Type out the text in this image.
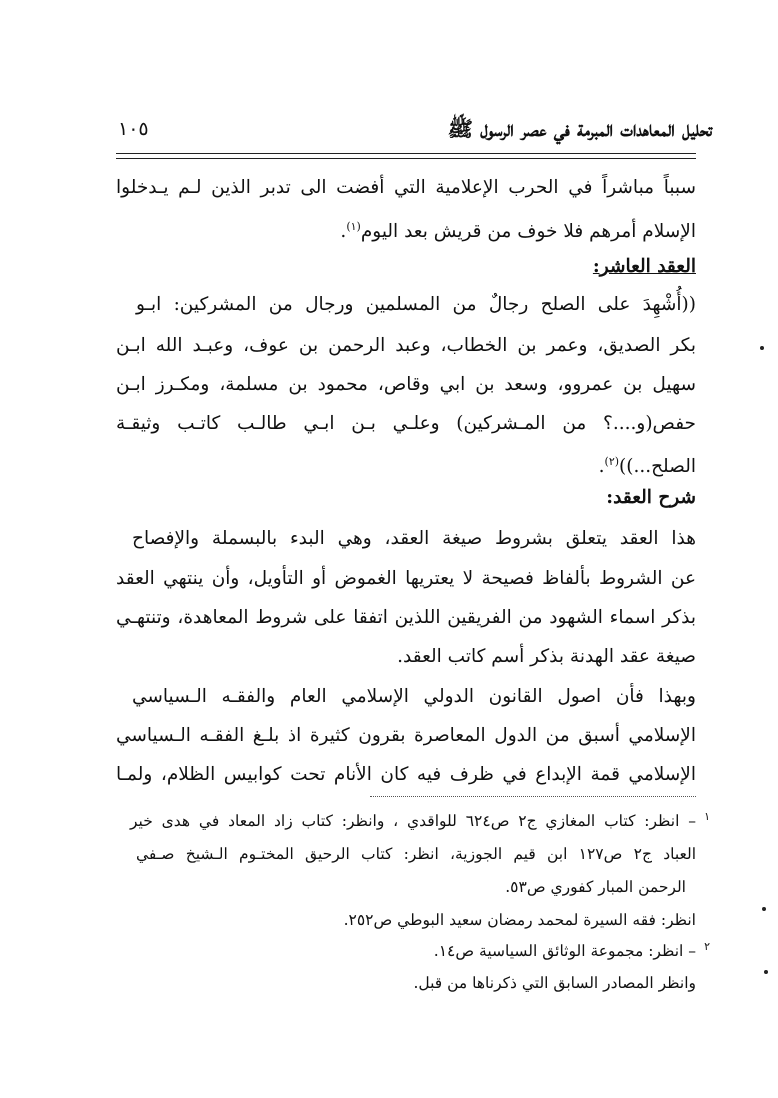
تحليل المعاهدات المبرمة في عصر الرسول ﷺ
١٠٥
سبباً مباشراً في الحرب الإعلامية التي أفضت الى تدبر الذين لـم يـدخلوا
الإسلام أمرهم فلا خوف من قريش بعد اليوم$^{(١)}$.
العقد العاشر:
((أُشْهِدَ على الصلح رجالٌ من المسلمين ورجال من المشركين: ابـو
بكر الصديق، وعمر بن الخطاب، وعبد الرحمن بن عوف، وعبـد الله ابـن
سهيل بن عمروو، وسعد بن ابي وقاص، محمود بن مسلمة، ومكـرز ابـن
حفص(و....؟ من المـشركين) وعلـي بـن ابـي طالـب كاتـب وثيقـة
الصلح...))$^{(٢)}$.
شرح العقد:
هذا العقد يتعلق بشروط صيغة العقد، وهي البدء بالبسملة والإفصاح
عن الشروط بألفاظ فصيحة لا يعتريها الغموض أو التأويل، وأن ينتهي العقد
بذكر اسماء الشهود من الفريقين اللذين اتفقا على شروط المعاهدة، وتنتهـي
صيغة عقد الهدنة بذكر أسم كاتب العقد.
وبهذا فأن اصول القانون الدولي الإسلامي العام والفقـه الـسياسي
الإسلامي أسبق من الدول المعاصرة بقرون كثيرة اذ بلـغ الفقـه الـسياسي
الإسلامي قمة الإبداع في ظرف فيه كان الأنام تحت كوابيس الظلام، ولمـا
١
– انظر: كتاب المغازي ج٢ ص٦٢٤ للواقدي ، وانظر: كتاب زاد المعاد في هدى خير
العباد ج٢ ص١٢٧ ابن قيم الجوزية، انظر: كتاب الرحيق المختـوم الـشيخ صـفي
الرحمن المبار كفوري ص٥٣.
انظر: فقه السيرة لمحمد رمضان سعيد البوطي ص٢٥٢.
٢
– انظر: مجموعة الوثائق السياسية ص١٤.
وانظر المصادر السابق التي ذكرناها من قبل.
